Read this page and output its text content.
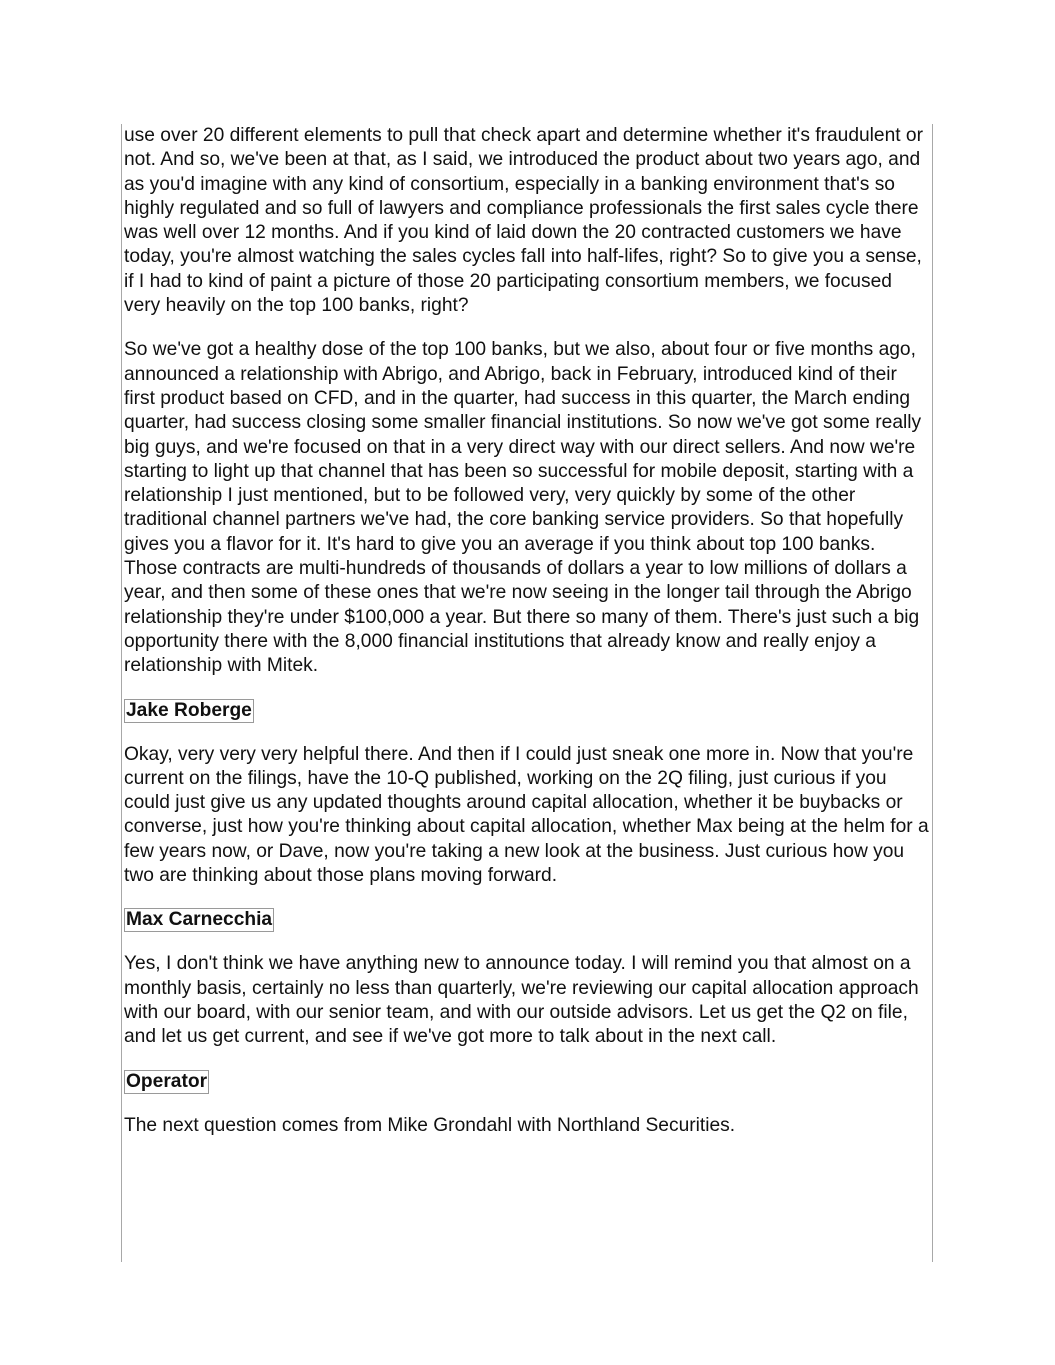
use over 20 different elements to pull that check apart and determine whether it's fraudulent or not. And so, we've been at that, as I said, we introduced the product about two years ago, and as you'd imagine with any kind of consortium, especially in a banking environment that's so highly regulated and so full of lawyers and compliance professionals the first sales cycle there was well over 12 months. And if you kind of laid down the 20 contracted customers we have today, you're almost watching the sales cycles fall into half-lifes, right? So to give you a sense, if I had to kind of paint a picture of those 20 participating consortium members, we focused very heavily on the top 100 banks, right?

So we've got a healthy dose of the top 100 banks, but we also, about four or five months ago, announced a relationship with Abrigo, and Abrigo, back in February, introduced kind of their first product based on CFD, and in the quarter, had success in this quarter, the March ending quarter, had success closing some smaller financial institutions. So now we've got some really big guys, and we're focused on that in a very direct way with our direct sellers. And now we're starting to light up that channel that has been so successful for mobile deposit, starting with a relationship I just mentioned, but to be followed very, very quickly by some of the other traditional channel partners we've had, the core banking service providers. So that hopefully gives you a flavor for it. It's hard to give you an average if you think about top 100 banks. Those contracts are multi-hundreds of thousands of dollars a year to low millions of dollars a year, and then some of these ones that we're now seeing in the longer tail through the Abrigo relationship they're under $100,000 a year. But there so many of them. There's just such a big opportunity there with the 8,000 financial institutions that already know and really enjoy a relationship with Mitek.

Jake Roberge

Okay, very very very helpful there. And then if I could just sneak one more in. Now that you're current on the filings, have the 10-Q published, working on the 2Q filing, just curious if you could just give us any updated thoughts around capital allocation, whether it be buybacks or converse, just how you're thinking about capital allocation, whether Max being at the helm for a few years now, or Dave, now you're taking a new look at the business. Just curious how you two are thinking about those plans moving forward.

Max Carnecchia

Yes, I don't think we have anything new to announce today. I will remind you that almost on a monthly basis, certainly no less than quarterly, we're reviewing our capital allocation approach with our board, with our senior team, and with our outside advisors. Let us get the Q2 on file, and let us get current, and see if we've got more to talk about in the next call.

Operator

The next question comes from Mike Grondahl with Northland Securities.
